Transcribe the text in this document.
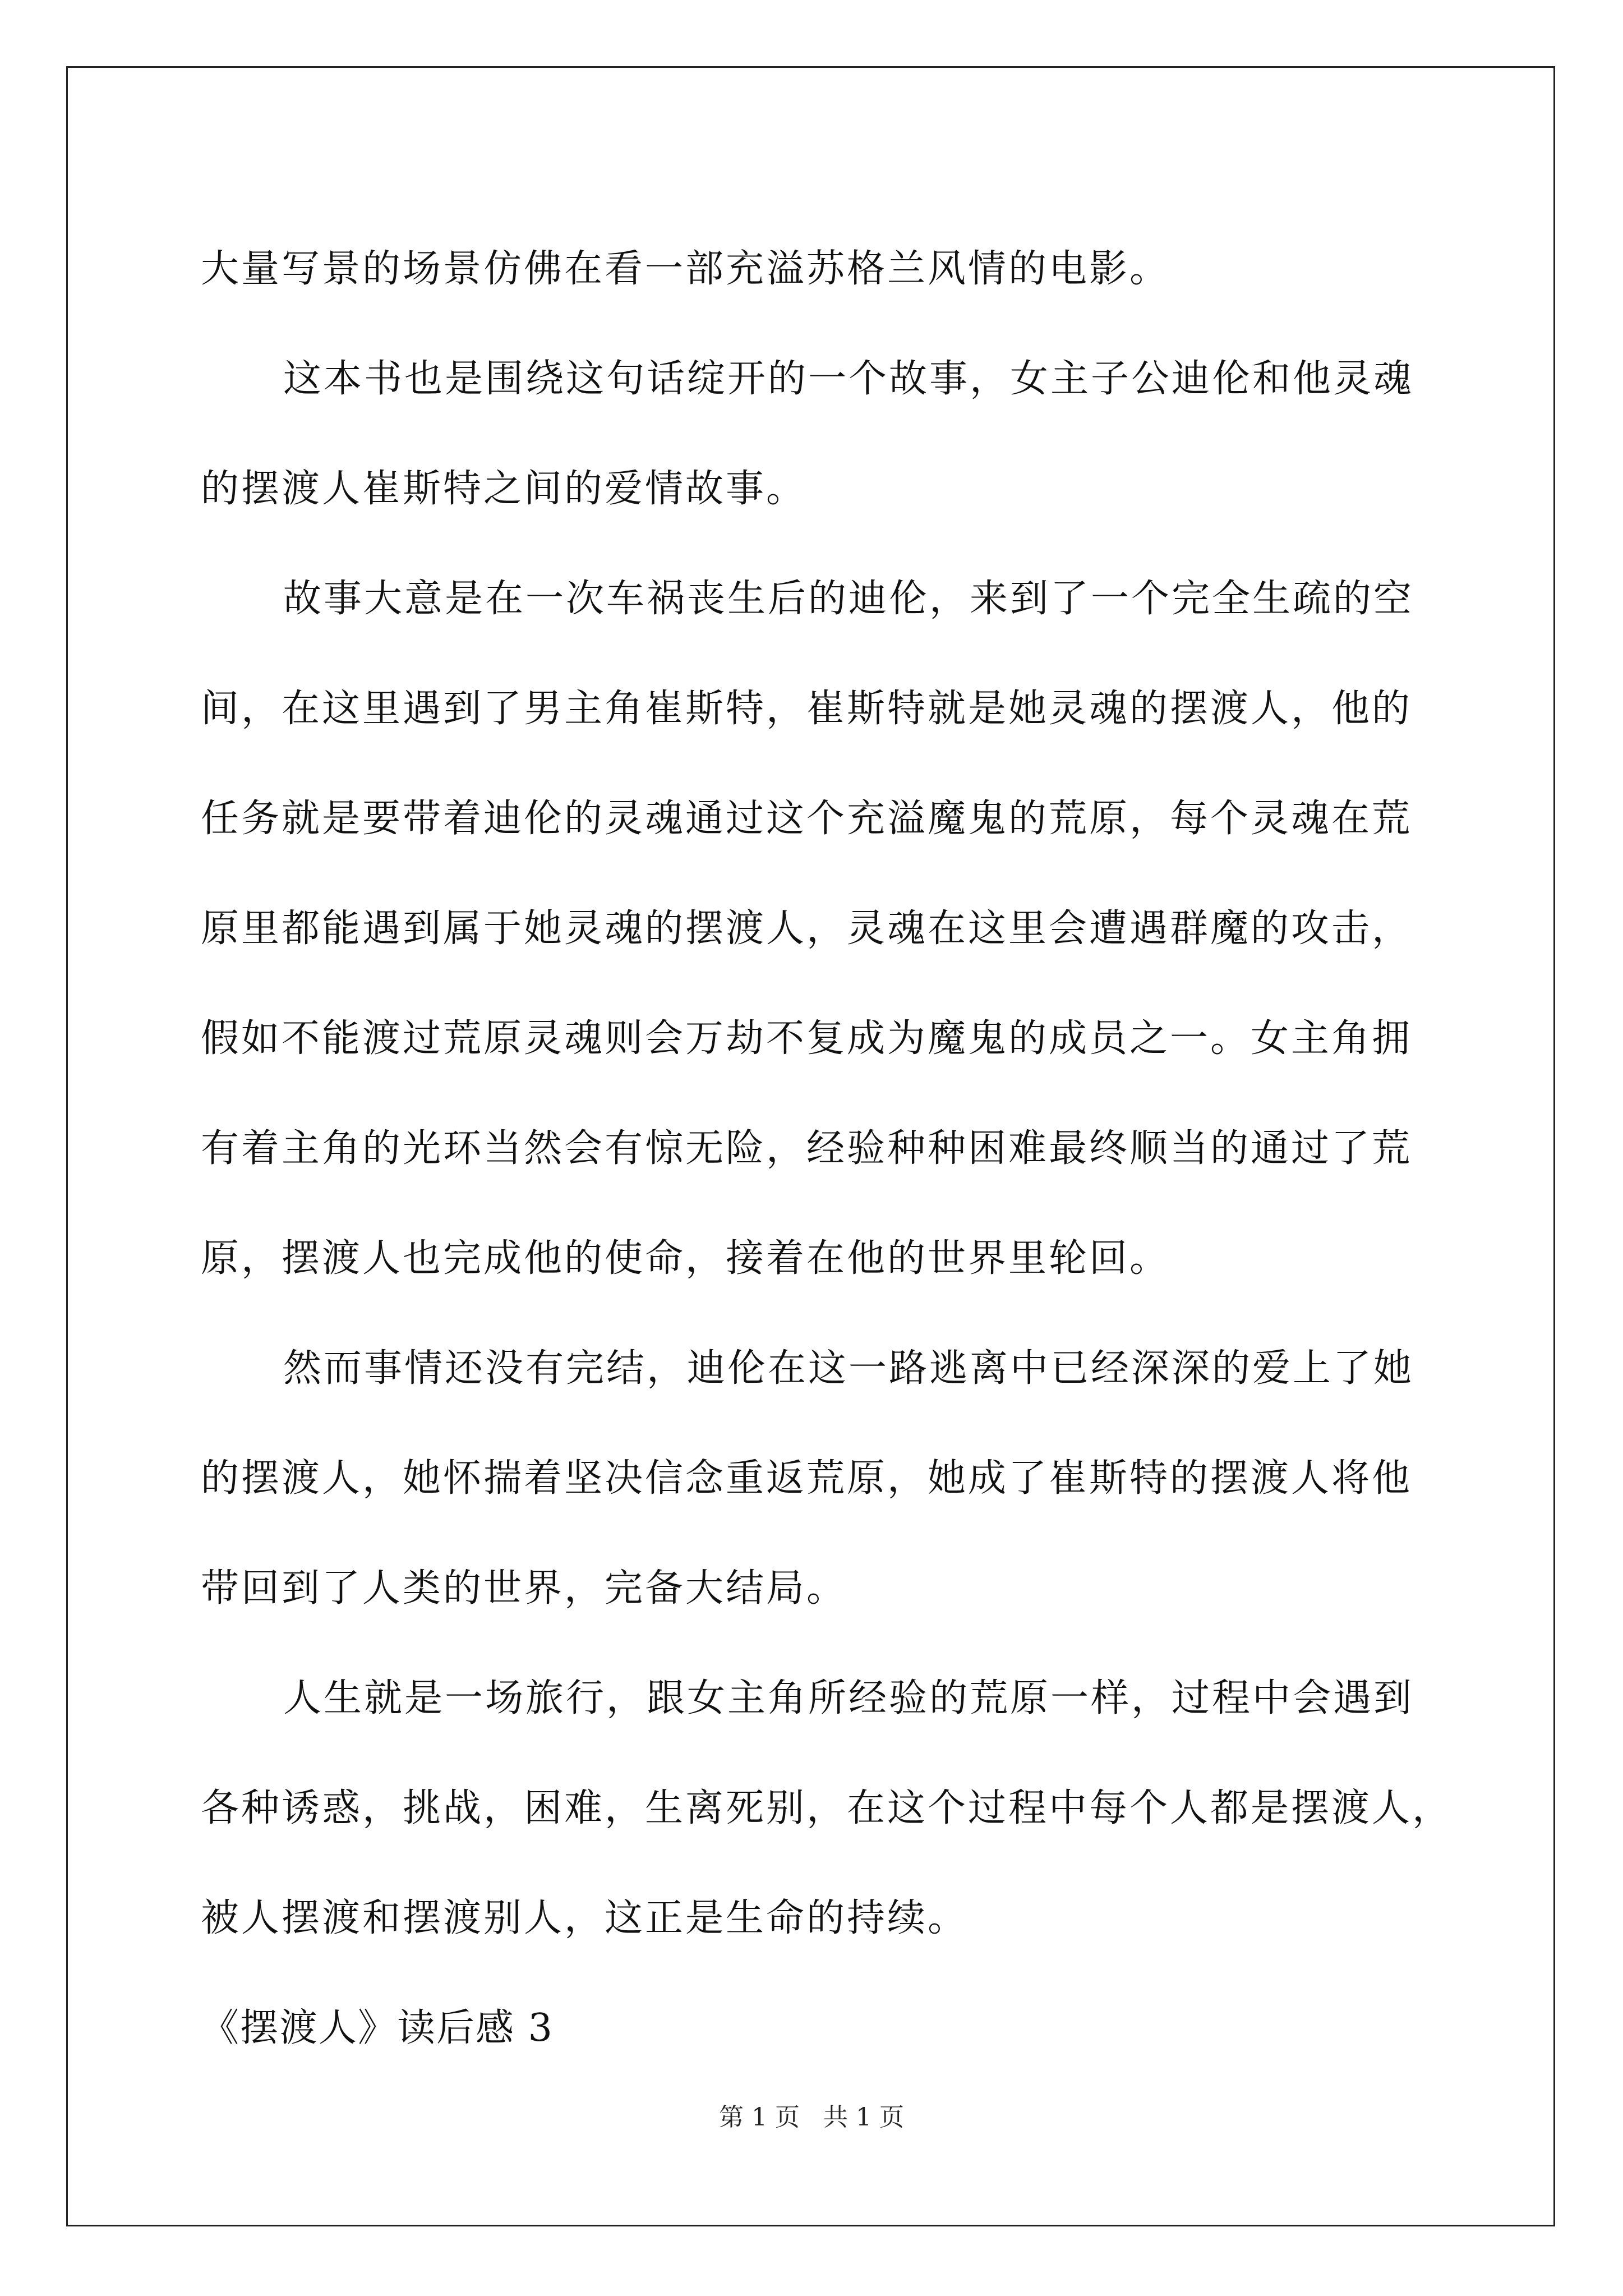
大量写景的场景仿佛在看一部充溢苏格兰风情的电影。
这本书也是围绕这句话绽开的一个故事，女主子公迪伦和他灵魂
的摆渡人崔斯特之间的爱情故事。
故事大意是在一次车祸丧生后的迪伦，来到了一个完全生疏的空
间，在这里遇到了男主角崔斯特，崔斯特就是她灵魂的摆渡人，他的
任务就是要带着迪伦的灵魂通过这个充溢魔鬼的荒原，每个灵魂在荒
原里都能遇到属于她灵魂的摆渡人，灵魂在这里会遭遇群魔的攻击，
假如不能渡过荒原灵魂则会万劫不复成为魔鬼的成员之一。女主角拥
有着主角的光环当然会有惊无险，经验种种困难最终顺当的通过了荒
原，摆渡人也完成他的使命，接着在他的世界里轮回。
然而事情还没有完结，迪伦在这一路逃离中已经深深的爱上了她
的摆渡人，她怀揣着坚决信念重返荒原，她成了崔斯特的摆渡人将他
带回到了人类的世界，完备大结局。
人生就是一场旅行，跟女主角所经验的荒原一样，过程中会遇到
各种诱惑，挑战，困难，生离死别，在这个过程中每个人都是摆渡人，
被人摆渡和摆渡别人，这正是生命的持续。
《摆渡人》读后感 3
第 1 页 共 1 页
